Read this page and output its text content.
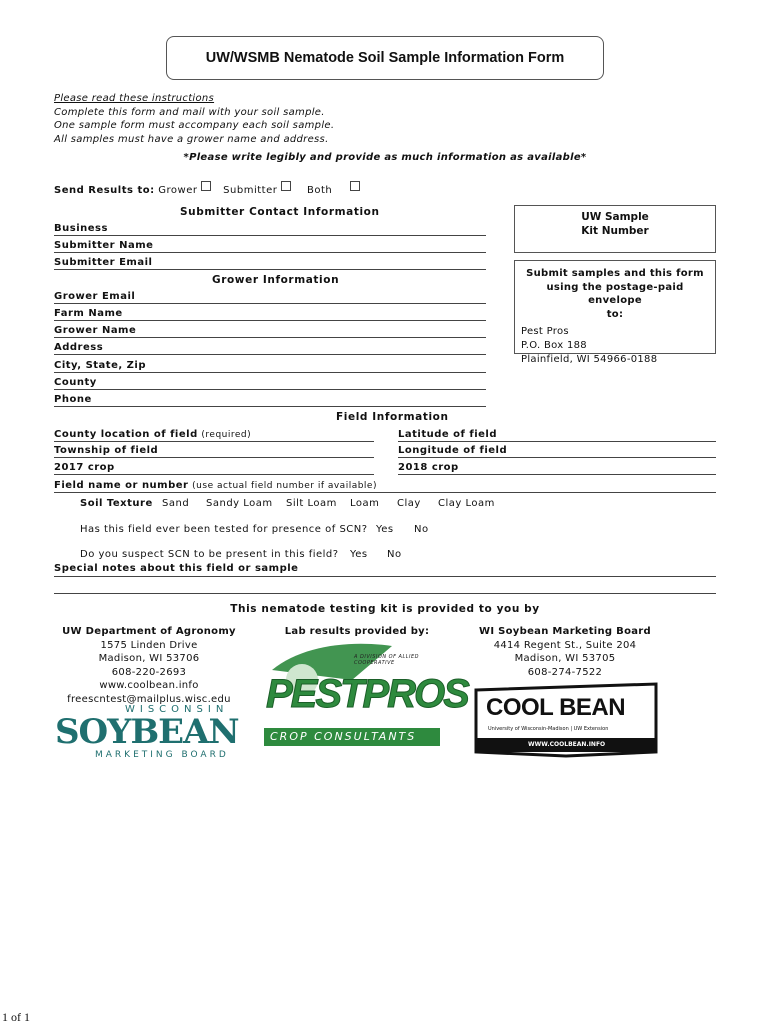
UW/WSMB Nematode Soil Sample Information Form
Please read these instructions
Complete this form and mail with your soil sample.
One sample form must accompany each soil sample.
All samples must have a grower name and address.
*Please write legibly and provide as much information as available*
Send Results to: Grower	Submitter	Both
Submitter Contact Information
Business
Submitter Name
Submitter Email
UW Sample
Kit Number
Grower Information
Grower Email
Farm Name
Grower Name
Address
City, State, Zip
County
Phone
Submit samples and this form
using the postage-paid envelope
to:
Pest Pros
P.O. Box 188
Plainfield, WI 54966-0188
Field Information
County location of field (required)	Latitude of field
Township of field	Longitude of field
2017 crop	2018 crop
Field name or number (use actual field number if available)
Soil Texture Sand Sandy Loam Silt Loam Loam Clay Clay Loam
Has this field ever been tested for presence of SCN? Yes No
Do you suspect SCN to be present in this field? Yes No
Special notes about this field or sample
This nematode testing kit is provided to you by
UW Department of Agronomy
1575 Linden Drive
Madison, WI 53706
608-220-2693
www.coolbean.info
freescntest@mailplus.wisc.edu
Lab results provided by:	WI Soybean Marketing Board
4414 Regent St., Suite 204
Madison, WI 53705
608-274-7522
WISCONSIN
SOYBEAN
MARKETING BOARD
A DIVISION OF ALLIED COOPERATIVE
PESTPROS
CROP CONSULTANTS
COOL BEAN
University of Wisconsin-Madison | UW Extension
WWW.COOLBEAN.INFO
1 of 1
